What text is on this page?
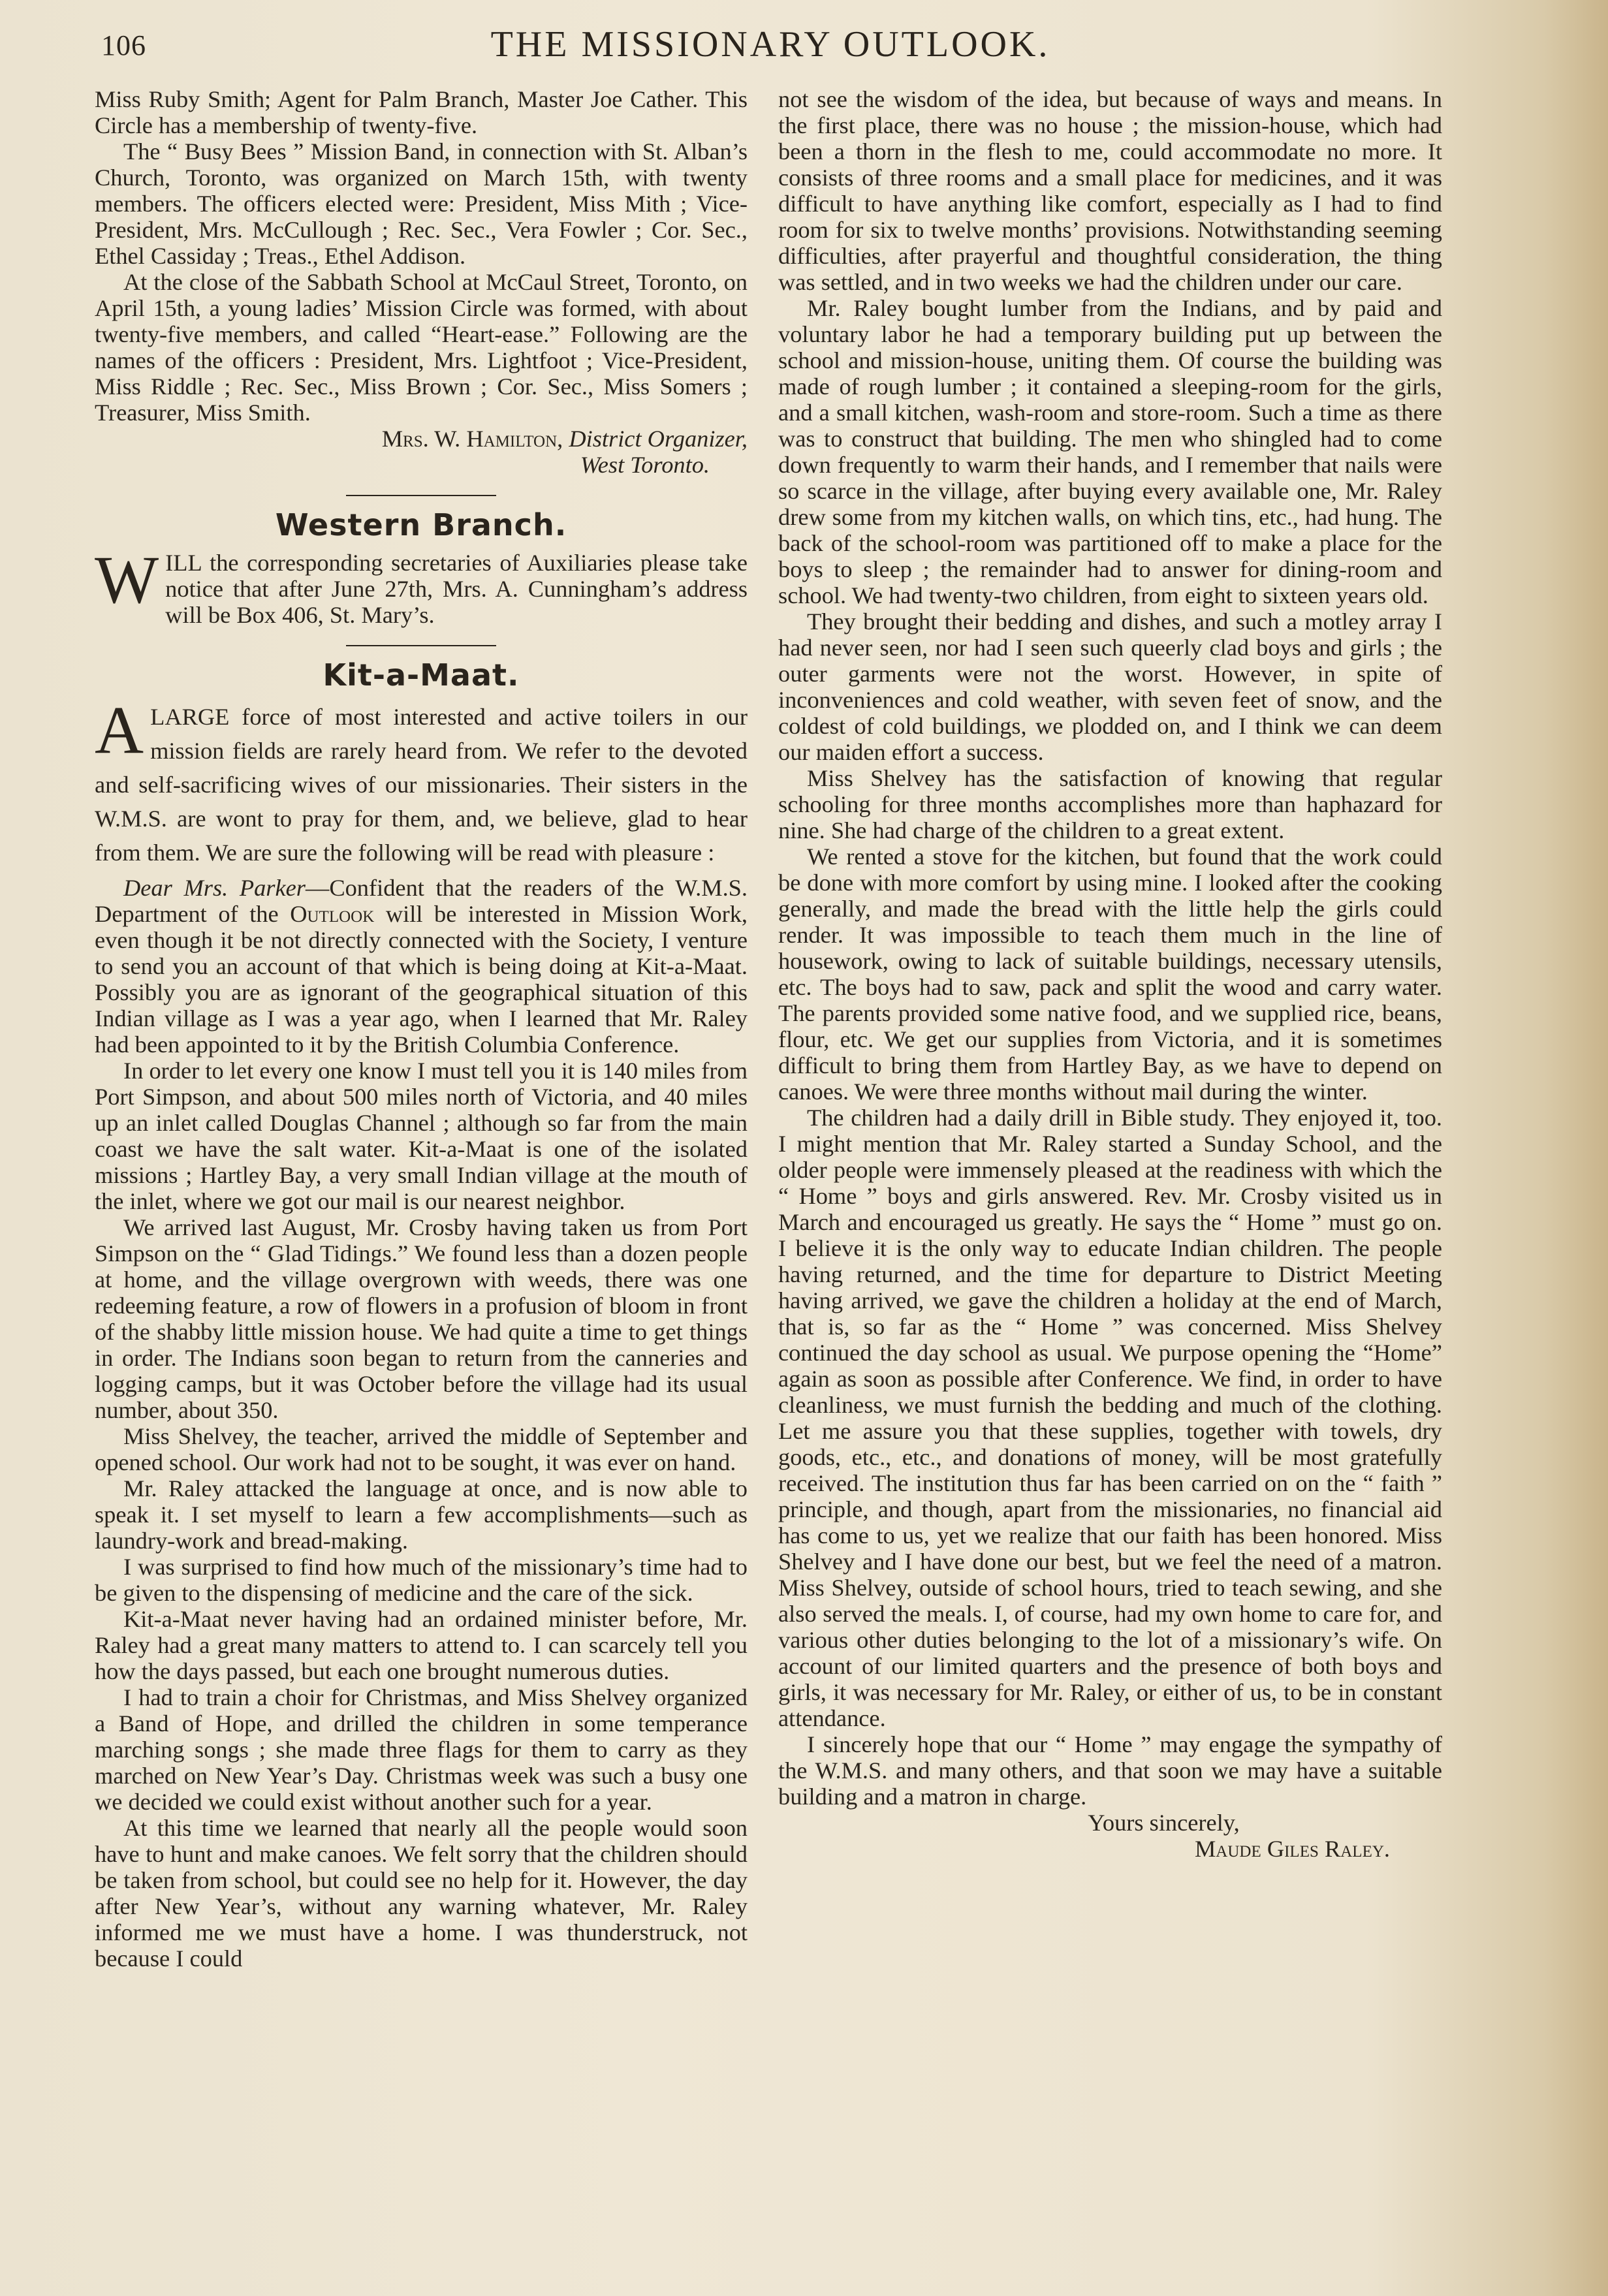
106	THE MISSIONARY OUTLOOK.

Miss Ruby Smith; Agent for Palm Branch, Master Joe Cather. This Circle has a membership of twenty-five.

The “ Busy Bees ” Mission Band, in connection with St. Alban’s Church, Toronto, was organized on March 15th, with twenty members. The officers elected were: President, Miss Mith ; Vice-President, Mrs. McCullough ; Rec. Sec., Vera Fowler ; Cor. Sec., Ethel Cassiday ; Treas., Ethel Addison.

At the close of the Sabbath School at McCaul Street, Toronto, on April 15th, a young ladies’ Mission Circle was formed, with about twenty-five members, and called “Heart-ease.” Following are the names of the officers : President, Mrs. Lightfoot ; Vice-President, Miss Riddle ; Rec. Sec., Miss Brown ; Cor. Sec., Miss Somers ; Treasurer, Miss Smith.

Mrs. W. Hamilton, District Organizer,

West Toronto.

Western Branch.

WILL the corresponding secretaries of Auxiliaries please take notice that after June 27th, Mrs. A. Cunningham’s address will be Box 406, St. Mary’s.

Kit-a-Maat.

ALARGE force of most interested and active toilers in our mission fields are rarely heard from. We refer to the devoted and self-sacrificing wives of our missionaries. Their sisters in the W.M.S. are wont to pray for them, and, we believe, glad to hear from them. We are sure the following will be read with pleasure :

Dear Mrs. Parker—Confident that the readers of the W.M.S. Department of the Outlook will be interested in Mission Work, even though it be not directly connected with the Society, I venture to send you an account of that which is being doing at Kit-a-Maat. Possibly you are as ignorant of the geographical situation of this Indian village as I was a year ago, when I learned that Mr. Raley had been appointed to it by the British Columbia Conference.

In order to let every one know I must tell you it is 140 miles from Port Simpson, and about 500 miles north of Victoria, and 40 miles up an inlet called Douglas Channel ; although so far from the main coast we have the salt water. Kit-a-Maat is one of the isolated missions ; Hartley Bay, a very small Indian village at the mouth of the inlet, where we got our mail is our nearest neighbor.

We arrived last August, Mr. Crosby having taken us from Port Simpson on the “ Glad Tidings.” We found less than a dozen people at home, and the village overgrown with weeds, there was one redeeming feature, a row of flowers in a profusion of bloom in front of the shabby little mission house. We had quite a time to get things in order. The Indians soon began to return from the canneries and logging camps, but it was October before the village had its usual number, about 350.

Miss Shelvey, the teacher, arrived the middle of September and opened school. Our work had not to be sought, it was ever on hand.

Mr. Raley attacked the language at once, and is now able to speak it. I set myself to learn a few accomplishments—such as laundry-work and bread-making.

I was surprised to find how much of the missionary’s time had to be given to the dispensing of medicine and the care of the sick.

Kit-a-Maat never having had an ordained minister before, Mr. Raley had a great many matters to attend to. I can scarcely tell you how the days passed, but each one brought numerous duties.

I had to train a choir for Christmas, and Miss Shelvey organized a Band of Hope, and drilled the children in some temperance marching songs ; she made three flags for them to carry as they marched on New Year’s Day. Christmas week was such a busy one we decided we could exist without another such for a year.

At this time we learned that nearly all the people would soon have to hunt and make canoes. We felt sorry that the children should be taken from school, but could see no help for it. However, the day after New Year’s, without any warning whatever, Mr. Raley informed me we must have a home. I was thunderstruck, not because I could

not see the wisdom of the idea, but because of ways and means. In the first place, there was no house ; the mission-house, which had been a thorn in the flesh to me, could accommodate no more. It consists of three rooms and a small place for medicines, and it was difficult to have anything like comfort, especially as I had to find room for six to twelve months’ provisions. Notwithstanding seeming difficulties, after prayerful and thoughtful consideration, the thing was settled, and in two weeks we had the children under our care.

Mr. Raley bought lumber from the Indians, and by paid and voluntary labor he had a temporary building put up between the school and mission-house, uniting them. Of course the building was made of rough lumber ; it contained a sleeping-room for the girls, and a small kitchen, wash-room and store-room. Such a time as there was to construct that building. The men who shingled had to come down frequently to warm their hands, and I remember that nails were so scarce in the village, after buying every available one, Mr. Raley drew some from my kitchen walls, on which tins, etc., had hung. The back of the school-room was partitioned off to make a place for the boys to sleep ; the remainder had to answer for dining-room and school. We had twenty-two children, from eight to sixteen years old.

They brought their bedding and dishes, and such a motley array I had never seen, nor had I seen such queerly clad boys and girls ; the outer garments were not the worst. However, in spite of inconveniences and cold weather, with seven feet of snow, and the coldest of cold buildings, we plodded on, and I think we can deem our maiden effort a success.

Miss Shelvey has the satisfaction of knowing that regular schooling for three months accomplishes more than haphazard for nine. She had charge of the children to a great extent.

We rented a stove for the kitchen, but found that the work could be done with more comfort by using mine. I looked after the cooking generally, and made the bread with the little help the girls could render. It was impossible to teach them much in the line of housework, owing to lack of suitable buildings, necessary utensils, etc. The boys had to saw, pack and split the wood and carry water. The parents provided some native food, and we supplied rice, beans, flour, etc. We get our supplies from Victoria, and it is sometimes difficult to bring them from Hartley Bay, as we have to depend on canoes. We were three months without mail during the winter.

The children had a daily drill in Bible study. They enjoyed it, too. I might mention that Mr. Raley started a Sunday School, and the older people were immensely pleased at the readiness with which the “ Home ” boys and girls answered. Rev. Mr. Crosby visited us in March and encouraged us greatly. He says the “ Home ” must go on. I believe it is the only way to educate Indian children. The people having returned, and the time for departure to District Meeting having arrived, we gave the children a holiday at the end of March, that is, so far as the “ Home ” was concerned. Miss Shelvey continued the day school as usual. We purpose opening the “Home” again as soon as possible after Conference. We find, in order to have cleanliness, we must furnish the bedding and much of the clothing. Let me assure you that these supplies, together with towels, dry goods, etc., etc., and donations of money, will be most gratefully received. The institution thus far has been carried on on the “ faith ” principle, and though, apart from the missionaries, no financial aid has come to us, yet we realize that our faith has been honored. Miss Shelvey and I have done our best, but we feel the need of a matron. Miss Shelvey, outside of school hours, tried to teach sewing, and she also served the meals. I, of course, had my own home to care for, and various other duties belonging to the lot of a missionary’s wife. On account of our limited quarters and the presence of both boys and girls, it was necessary for Mr. Raley, or either of us, to be in constant attendance.

I sincerely hope that our “ Home ” may engage the sympathy of the W.M.S. and many others, and that soon we may have a suitable building and a matron in charge.

Yours sincerely,

Maude Giles Raley.
